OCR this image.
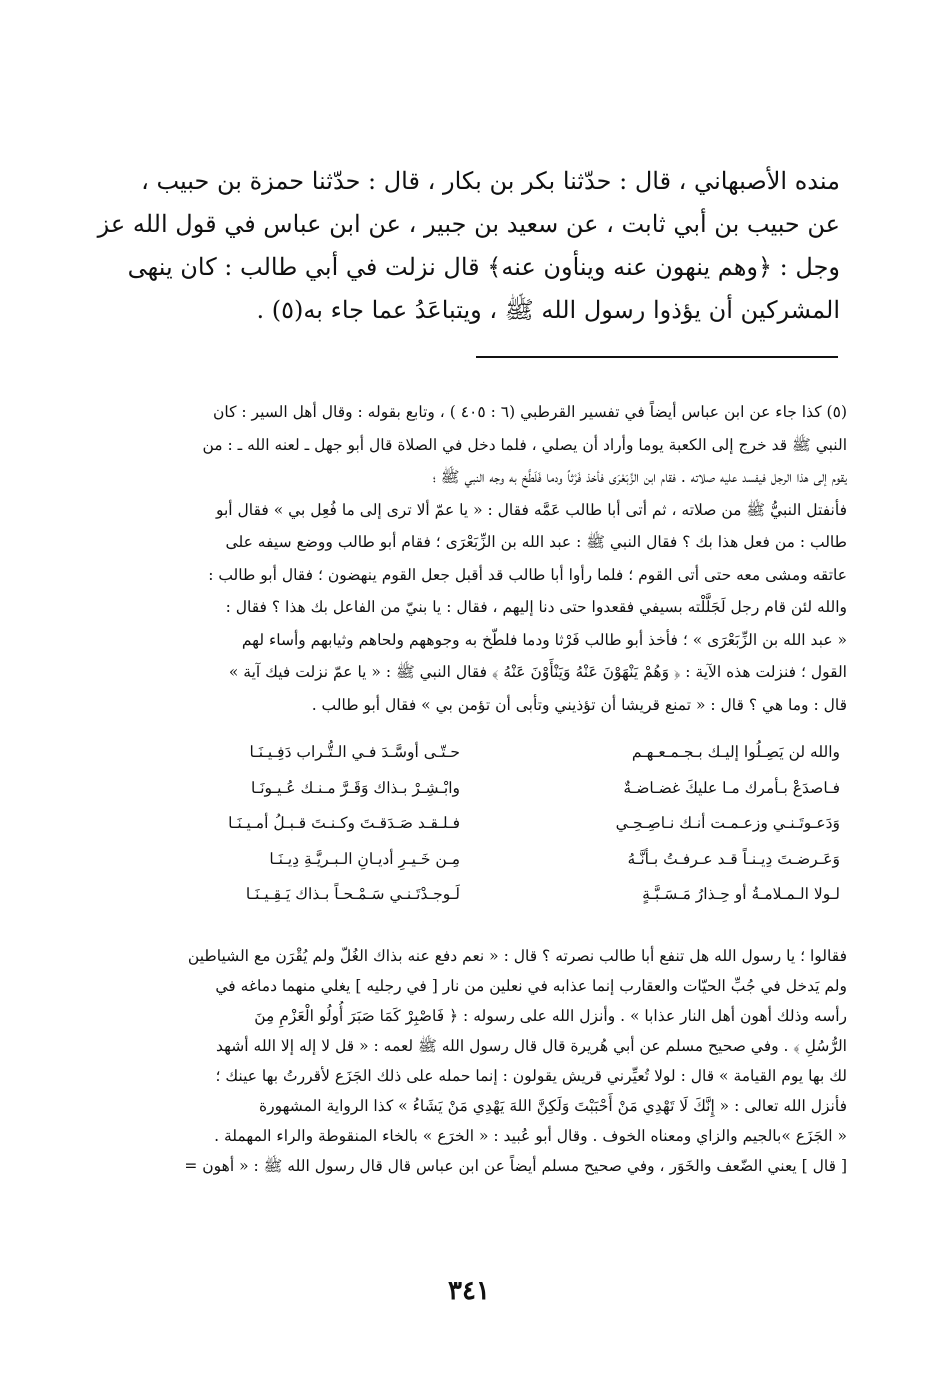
منده الأصبهاني ، قال : حدّثنا بكر بن بكار ، قال : حدّثنا حمزة بن حبيب ،

عن حبيب بن أبي ثابت ، عن سعيد بن جبير ، عن ابن عباس في قول الله عز

وجل : ﴿وهم ينهون عنه وينأون عنه﴾ قال نزلت في أبي طالب : كان ينهى

المشركين أن يؤذوا رسول الله ﷺ ، ويتباعَدُ عما جاء به(٥) .

(٥) كذا جاء عن ابن عباس أيضاً في تفسير القرطبي (٦ : ٤٠٥ ) ، وتابع بقوله : وقال أهل السير : كان

النبي ﷺ قد خرج إلى الكعبة يوما وأراد أن يصلي ، فلما دخل في الصلاة قال أبو جهل ـ لعنه الله ـ : من

يقوم إلى هذا الرجل فيفسد عليه صلاته . فقام ابن الزِّبَعْرَى فأخذ فَرْثاً ودما فَلَطَّخ به وجه النبي ﷺ ؛

فأنفتل النبيُّ ﷺ من صلاته ، ثم أتى أبا طالب عَمَّه فقال : « يا عمّ ألا ترى إلى ما فُعِل بي » فقال أبو

طالب : من فعل هذا بك ؟ فقال النبي ﷺ : عبد الله بن الزِّبَعْرَى ؛ فقام أبو طالب ووضع سيفه على

عاتقه ومشى معه حتى أتى القوم ؛ فلما رأوا أبا طالب قد أقبل جعل القوم ينهضون ؛ فقال أبو طالب :

والله لئن قام رجل لَجَلَّلْته بسيفي فقعدوا حتى دنا إليهم ، فقال : يا بنيّ من الفاعل بك هذا ؟ فقال :

« عبد الله بن الزِّبَعْرَى » ؛ فأخذ أبو طالب فَرْثا ودما فلطّخ به وجوههم ولحاهم وثيابهم وأساء لهم

القول ؛ فنزلت هذه الآية : ﴿ وَهُمْ يَنْهَوْنَ عَنْهُ وَيَنْأَوْنَ عَنْهُ ﴾ فقال النبي ﷺ : « يا عمّ نزلت فيك آية »

قال : وما هي ؟ قال : « تمنع قريشا أن تؤذيني وتأبى أن تؤمن بي » فقال أبو طالب .

والله لن يَصِـلُوا إليـك بـجـمـعـهـم
حـتّـى أوسَّـدَ فـي الـتُّـراب دَفِـيـنَـا
فـاصدَعْ بـأمرك مـا عليكَ غضـاضـةٌ
وابْـشِـرْ بـذاك وَقَـرَّ مـنـك عُـيـونَـا
وَدَعـوتَـنـي وزعـمـت أنـك نـاصِـحِـي
فـلـقـد صَـدَقـتَ وكـنـتَ قـبـلُ أمـيـنَـا
وَعَـرضـتَ دِيـنـاً قـد عـرفـتُ بـأنَّـهُ
مِـن خَـيـرِ أديـانِ الـبـريَّـةِ دِيـنَـا
لـولا الـمـلامـةُ أو حِـذارُ مَـسَـبَّـةٍ
لَـوجـدْتَـنـي سَـمْـحـاً بـذاك يَـقِـيـنَـا

فقالوا ؛ يا رسول الله هل تنفع أبا طالب نصرته ؟ قال : « نعم دفع عنه بذاك الغُلّ ولم يُقْرَن مع الشياطين

ولم يَدخل في جُبِّ الحيّات والعقارب إنما عذابه في نعلين من نار [ في رجليه ] يغلي منهما دماغه في

رأسه وذلك أهون أهل النار عذابا » . وأنزل الله على رسوله : ﴿ فَاصْبِرْ كَمَا صَبَرَ أُولُو الْعَزْمِ مِنَ

الرُّسُلِ ﴾ . وفي صحيح مسلم عن أبي هُريرة قال قال رسول الله ﷺ لعمه : « قل لا إله إلا الله أشهد

لك بها يوم القيامة » قال : لولا تُعيِّرني قريش يقولون : إنما حمله على ذلك الجَزَع لأقررتُ بها عينك ؛

فأنزل الله تعالى : « إِنَّكَ لَا تَهْدِي مَنْ أَحْبَبْتَ وَلَكِنَّ اللهَ يَهْدِي مَنْ يَشَاءُ » كذا الرواية المشهورة

« الجَزَع »بالجيم والزاي ومعناه الخوف . وقال أبو عُبيد : « الخرَع » بالخاء المنقوطة والراء المهملة .

[ قال ] يعني الضّعف والخَوَر ، وفي صحيح مسلم أيضاً عن ابن عباس قال قال رسول الله ﷺ : « أهون =

٣٤١
